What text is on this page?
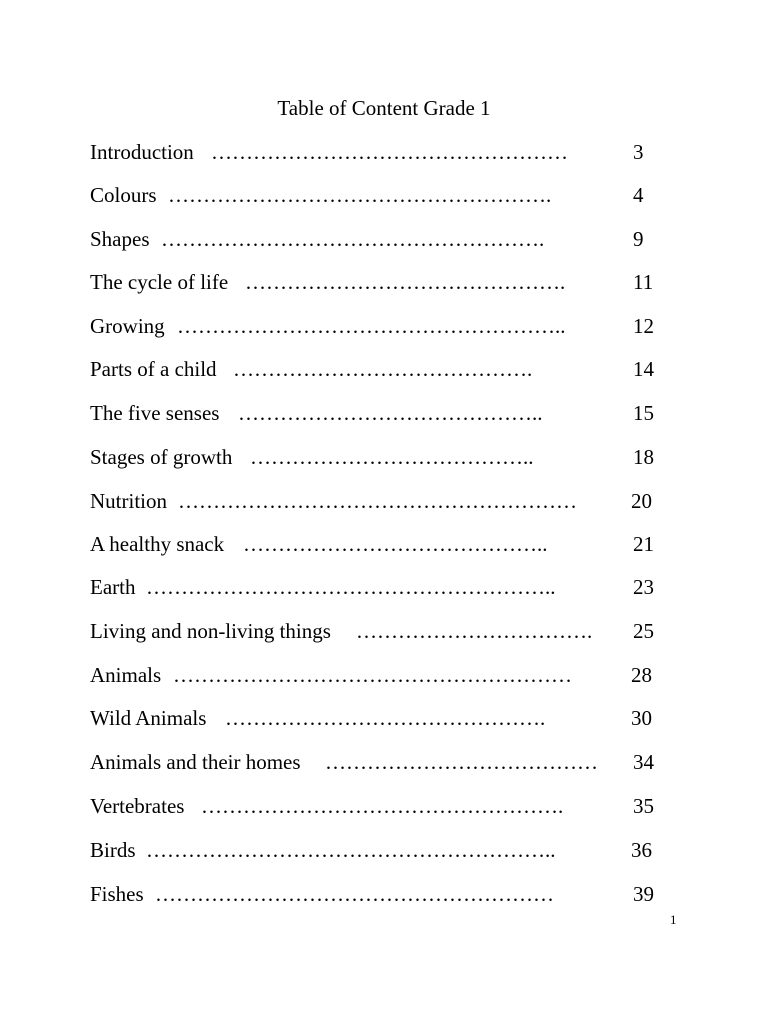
Table of Content Grade 1
Introduction ……………………………………………	3
Colours ……………………………………………….	4
Shapes ……………………………………………….	9
The cycle of life ……………………………………….	11
Growing ………………………………………………..	12
Parts of a child …………………………………….	14
The five senses ……………………………………..	15
Stages of growth …………………………………..	18
Nutrition …………………………………………………	20
A healthy snack ……………………………………..	21
Earth …………………………………………………..	23
Living and non-living things ……………………………. 25
Animals …………………………………………………	28
Wild Animals ……………………………………….	30
Animals and their homes ………………………………… 34
Vertebrates …………………………………………….	35
Birds …………………………………………………..	36
Fishes …………………………………………………	39
1
